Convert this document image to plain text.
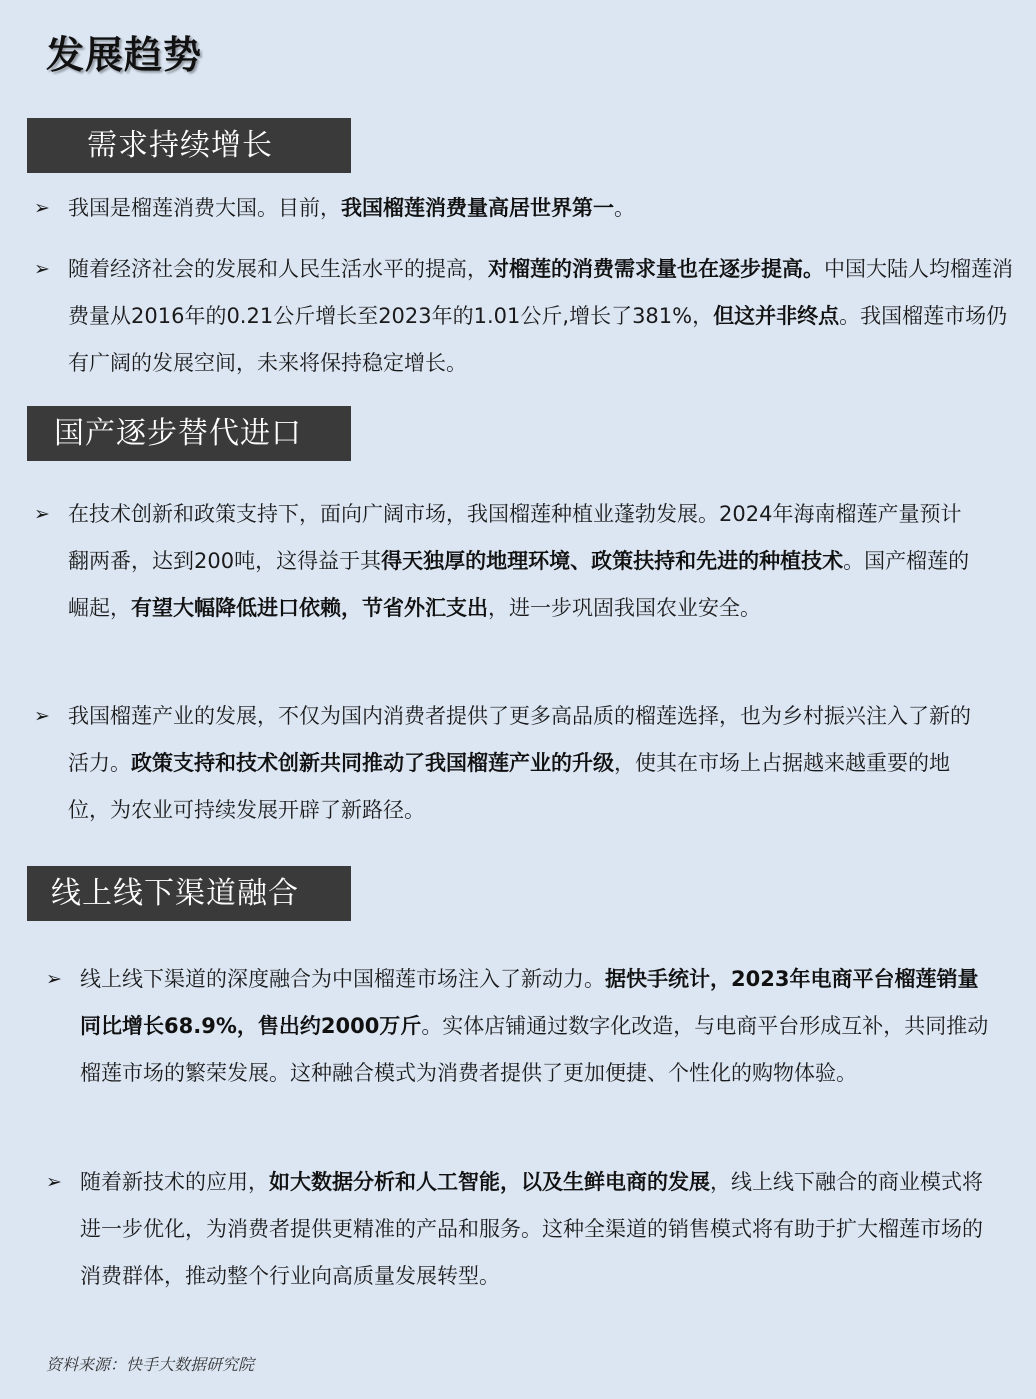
发展趋势
需求持续增长
➢ 我国是榴莲消费大国。目前，我国榴莲消费量高居世界第一。
➢ 随着经济社会的发展和人民生活水平的提高，对榴莲的消费需求量也在逐步提高。中国大陆人均榴莲消费量从2016年的0.21公斤增长至2023年的1.01公斤,增长了381%，但这并非终点。我国榴莲市场仍有广阔的发展空间，未来将保持稳定增长。
国产逐步替代进口
➢ 在技术创新和政策支持下，面向广阔市场，我国榴莲种植业蓬勃发展。2024年海南榴莲产量预计翻两番，达到200吨，这得益于其得天独厚的地理环境、政策扶持和先进的种植技术。国产榴莲的崛起，有望大幅降低进口依赖，节省外汇支出，进一步巩固我国农业安全。
➢ 我国榴莲产业的发展，不仅为国内消费者提供了更多高品质的榴莲选择，也为乡村振兴注入了新的活力。政策支持和技术创新共同推动了我国榴莲产业的升级，使其在市场上占据越来越重要的地位，为农业可持续发展开辟了新路径。
线上线下渠道融合
➢ 线上线下渠道的深度融合为中国榴莲市场注入了新动力。据快手统计，2023年电商平台榴莲销量同比增长68.9%，售出约2000万斤。实体店铺通过数字化改造，与电商平台形成互补，共同推动榴莲市场的繁荣发展。这种融合模式为消费者提供了更加便捷、个性化的购物体验。
➢ 随着新技术的应用，如大数据分析和人工智能，以及生鲜电商的发展，线上线下融合的商业模式将进一步优化，为消费者提供更精准的产品和服务。这种全渠道的销售模式将有助于扩大榴莲市场的消费群体，推动整个行业向高质量发展转型。
资料来源：快手大数据研究院
